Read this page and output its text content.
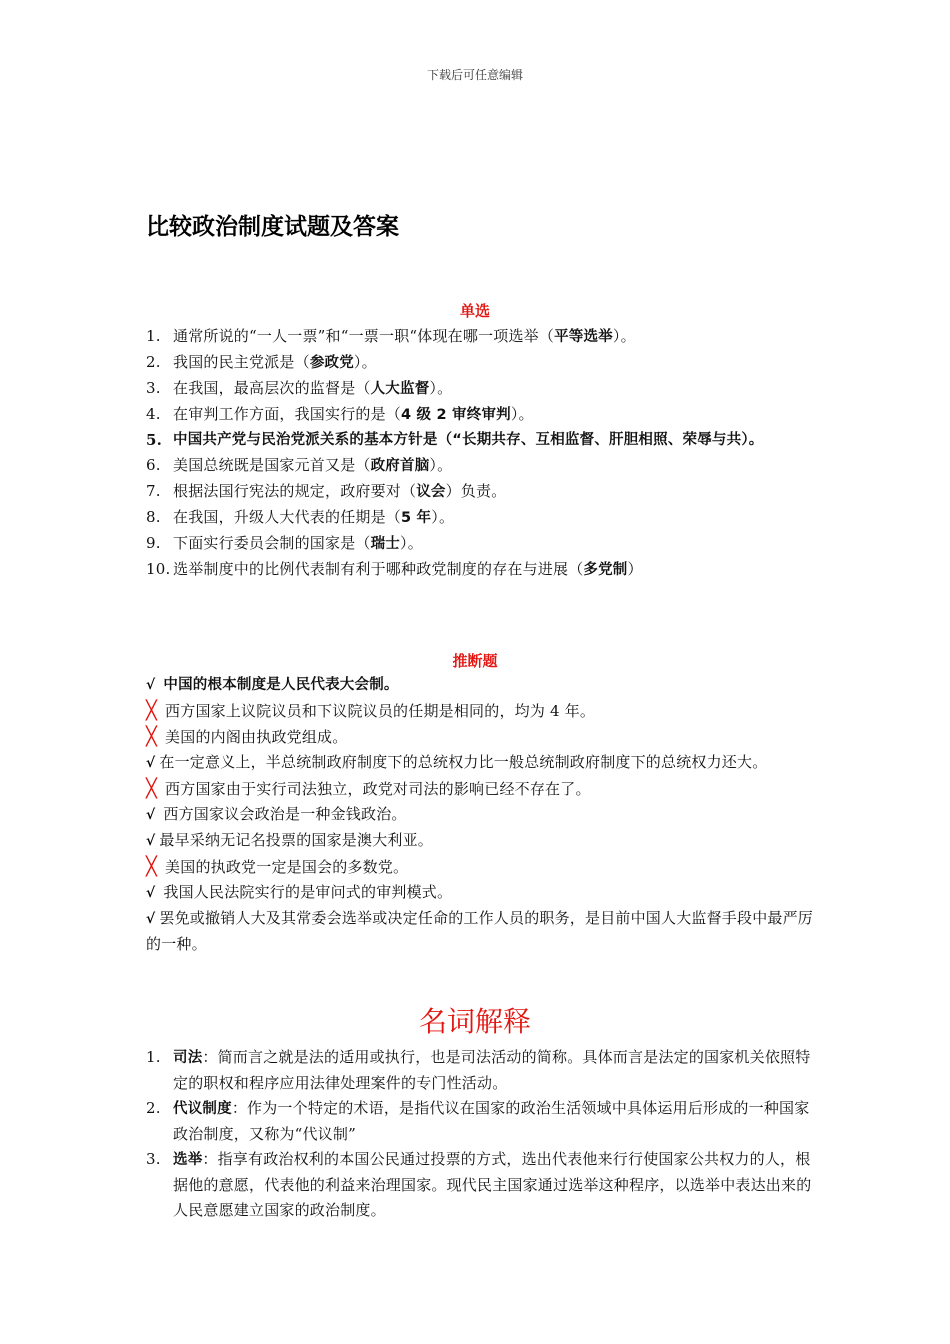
下载后可任意编辑
比较政治制度试题及答案
单选
1. 通常所说的“一人一票”和“一票一职“体现在哪一项选举（平等选举）。
2. 我国的民主党派是（参政党）。
3. 在我国，最高层次的监督是（人大监督）。
4. 在审判工作方面，我国实行的是（4 级 2 审终审判）。
5. 中国共产党与民治党派关系的基本方针是（“长期共存、互相监督、肝胆相照、荣辱与共）。
6. 美国总统既是国家元首又是（政府首脑）。
7. 根据法国行宪法的规定，政府要对（议会）负责。
8. 在我国，升级人大代表的任期是（5 年）。
9. 下面实行委员会制的国家是（瑞士）。
10. 选举制度中的比例代表制有利于哪种政党制度的存在与进展（多党制）
推断题
√ 中国的根本制度是人民代表大会制。
╳ 西方国家上议院议员和下议院议员的任期是相同的，均为 4 年。
╳ 美国的内阁由执政党组成。
√ 在一定意义上，半总统制政府制度下的总统权力比一般总统制政府制度下的总统权力还大。
╳ 西方国家由于实行司法独立，政党对司法的影响已经不存在了。
√ 西方国家议会政治是一种金钱政治。
√ 最早采纳无记名投票的国家是澳大利亚。
╳ 美国的执政党一定是国会的多数党。
√ 我国人民法院实行的是审问式的审判模式。
√ 罢免或撤销人大及其常委会选举或决定任命的工作人员的职务，是目前中国人大监督手段中最严厉的一种。
名词解释
1. 司法：简而言之就是法的适用或执行，也是司法活动的简称。具体而言是法定的国家机关依照特定的职权和程序应用法律处理案件的专门性活动。
2. 代议制度：作为一个特定的术语，是指代议在国家的政治生活领域中具体运用后形成的一种国家政治制度，又称为“代议制”
3. 选举：指享有政治权利的本国公民通过投票的方式，选出代表他来行行使国家公共权力的人，根据他的意愿，代表他的利益来治理国家。现代民主国家通过选举这种程序，以选举中表达出来的人民意愿建立国家的政治制度。
